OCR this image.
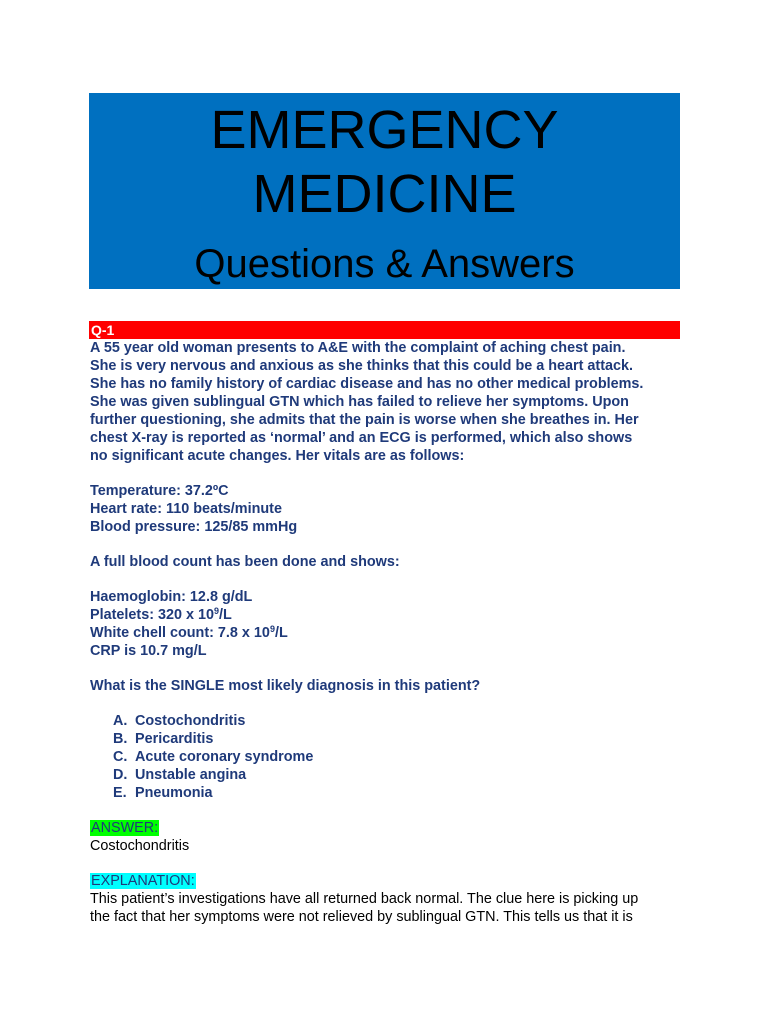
EMERGENCY
MEDICINE
Questions & Answers
Q-1

A 55 year old woman presents to A&E with the complaint of aching chest pain.

She is very nervous and anxious as she thinks that this could be a heart attack.

She has no family history of cardiac disease and has no other medical problems.

She was given sublingual GTN which has failed to relieve her symptoms. Upon

further questioning, she admits that the pain is worse when she breathes in. Her

chest X-ray is reported as ‘normal’ and an ECG is performed, which also shows

no significant acute changes. Her vitals are as follows:

Temperature: 37.2ºC

Heart rate: 110 beats/minute

Blood pressure: 125/85 mmHg

A full blood count has been done and shows:

Haemoglobin: 12.8 g/dL

Platelets: 320 x $10^9/L$

White chell count: 7.8 x $10^9/L$

CRP is 10.7 mg/L

What is the SINGLE most likely diagnosis in this patient?

A. Costochondritis
B. Pericarditis
C. Acute coronary syndrome
D. Unstable angina
E. Pneumonia

ANSWER:

Costochondritis

EXPLANATION:

This patient’s investigations have all returned back normal. The clue here is picking up

the fact that her symptoms were not relieved by sublingual GTN. This tells us that it is
